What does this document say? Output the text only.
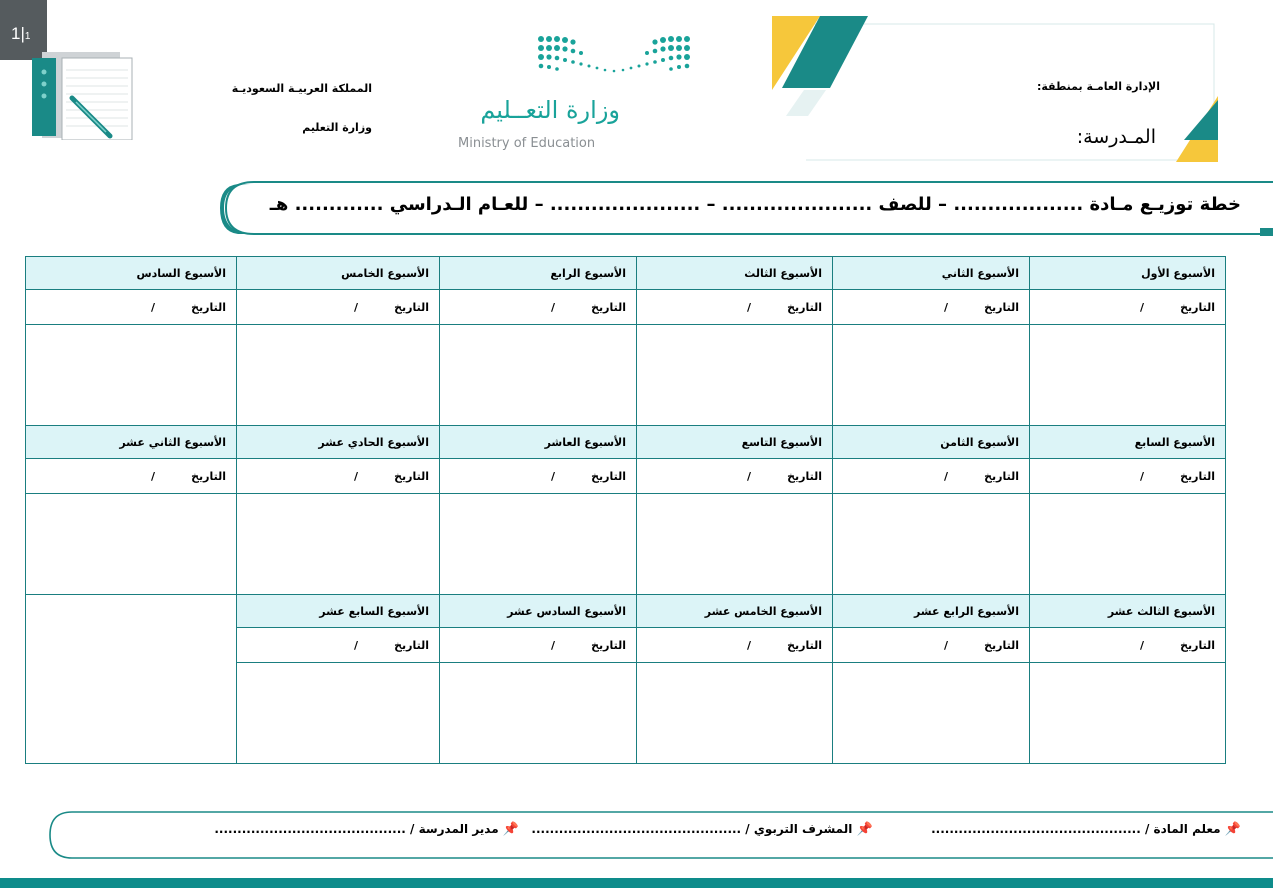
1|1
المملكة العربيـة السعوديـة
وزارة التعليم
وزارة التعــليم
Ministry of Education
الإدارة العامـة بمنطقة:
المـدرسة:
خطة توزيـع مـادة ................... – للصف ...................... – ...................... – للعـام الـدراسي ............. هـ
الأسبوع الأول	الأسبوع الثاني	الأسبوع الثالث	الأسبوع الرابع	الأسبوع الخامس	الأسبوع السادس
التاريخ/	التاريخ/	التاريخ/	التاريخ/	التاريخ/	التاريخ/

الأسبوع السابع	الأسبوع الثامن	الأسبوع التاسع	الأسبوع العاشر	الأسبوع الحادي عشر	الأسبوع الثاني عشر
التاريخ/	التاريخ/	التاريخ/	التاريخ/	التاريخ/	التاريخ/

الأسبوع الثالث عشر	الأسبوع الرابع عشر	الأسبوع الخامس عشر	الأسبوع السادس عشر	الأسبوع السابع عشر	
التاريخ/	التاريخ/	التاريخ/	التاريخ/	التاريخ/	

📌 معلم المادة / ..............................................  📌 المشرف التربوي / ..............................................  📌 مدير المدرسة / ..........................................
